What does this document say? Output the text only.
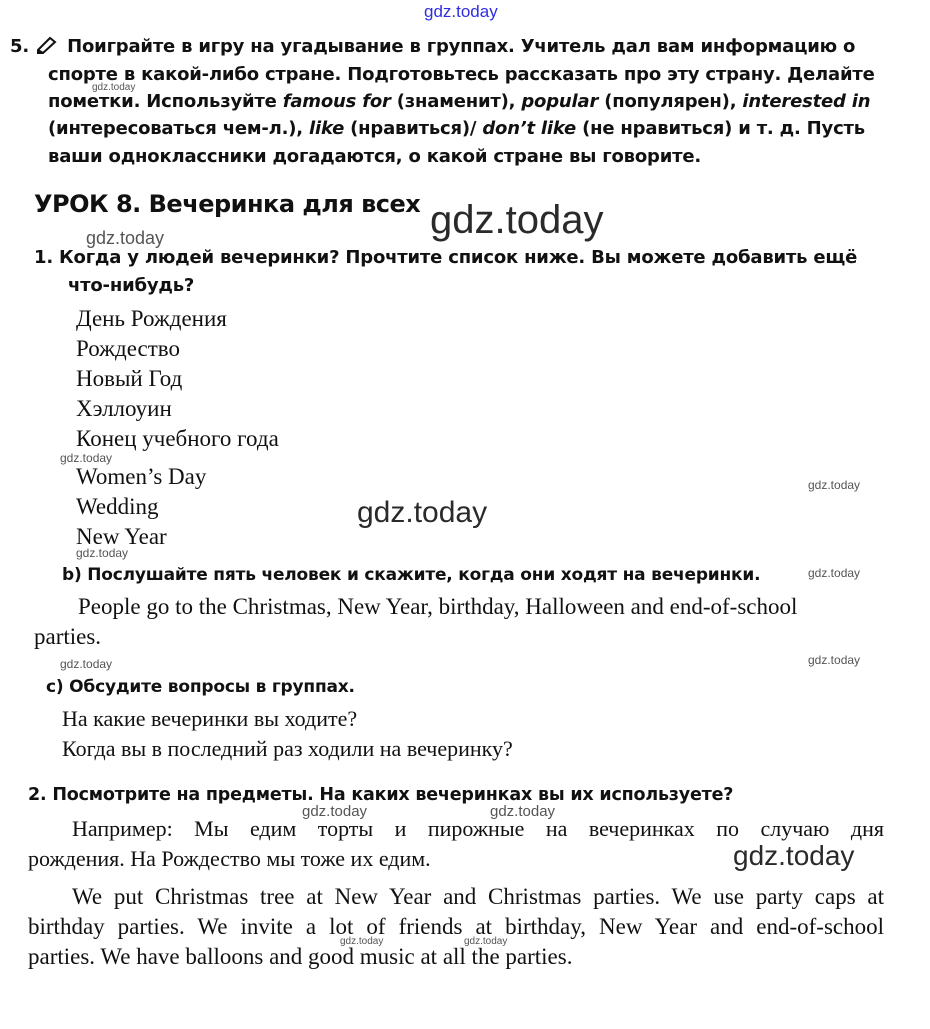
gdz.today
5. Поиграйте в игру на угадывание в группах. Учитель дал вам информацию о
спорте в какой-либо стране. Подготовьтесь рассказать про эту страну. Делайте
пометки. Используйте famous for (знаменит), popular (популярен), interested in
(интересоваться чем-л.), like (нравиться)/ don’t like (не нравиться) и т. д. Пусть
ваши одноклассники догадаются, о какой стране вы говорите.
gdz.today
УРОК 8. Вечеринка для всех gdz.today
gdz.today
1. Когда у людей вечеринки? Прочтите список ниже. Вы можете добавить ещё
что-нибудь?
День Рождения
Рождество
Новый Год
Хэллоуин
Конец учебного года
gdz.today
Women’s Day
Wedding
New Year
gdz.today
gdz.today
gdz.today
b) Послушайте пять человек и скажите, когда они ходят на вечеринки.	gdz.today
People go to the Christmas, New Year, birthday, Halloween and end-of-school
parties.
gdz.today	gdz.today
c) Обсудите вопросы в группах.
На какие вечеринки вы ходите?
Когда вы в последний раз ходили на вечеринку?
2. Посмотрите на предметы. На каких вечеринках вы их используете?
gdz.today	gdz.today
Например: Мы едим торты и пирожные на вечеринках по случаю дня
рождения. На Рождество мы тоже их едим.	gdz.today
We put Christmas tree at New Year and Christmas parties. We use party caps at
birthday parties. We invite a lot of friends at birthday, New Year and end-of-school
gdz.today	gdz.today
parties. We have balloons and good music at all the parties.
